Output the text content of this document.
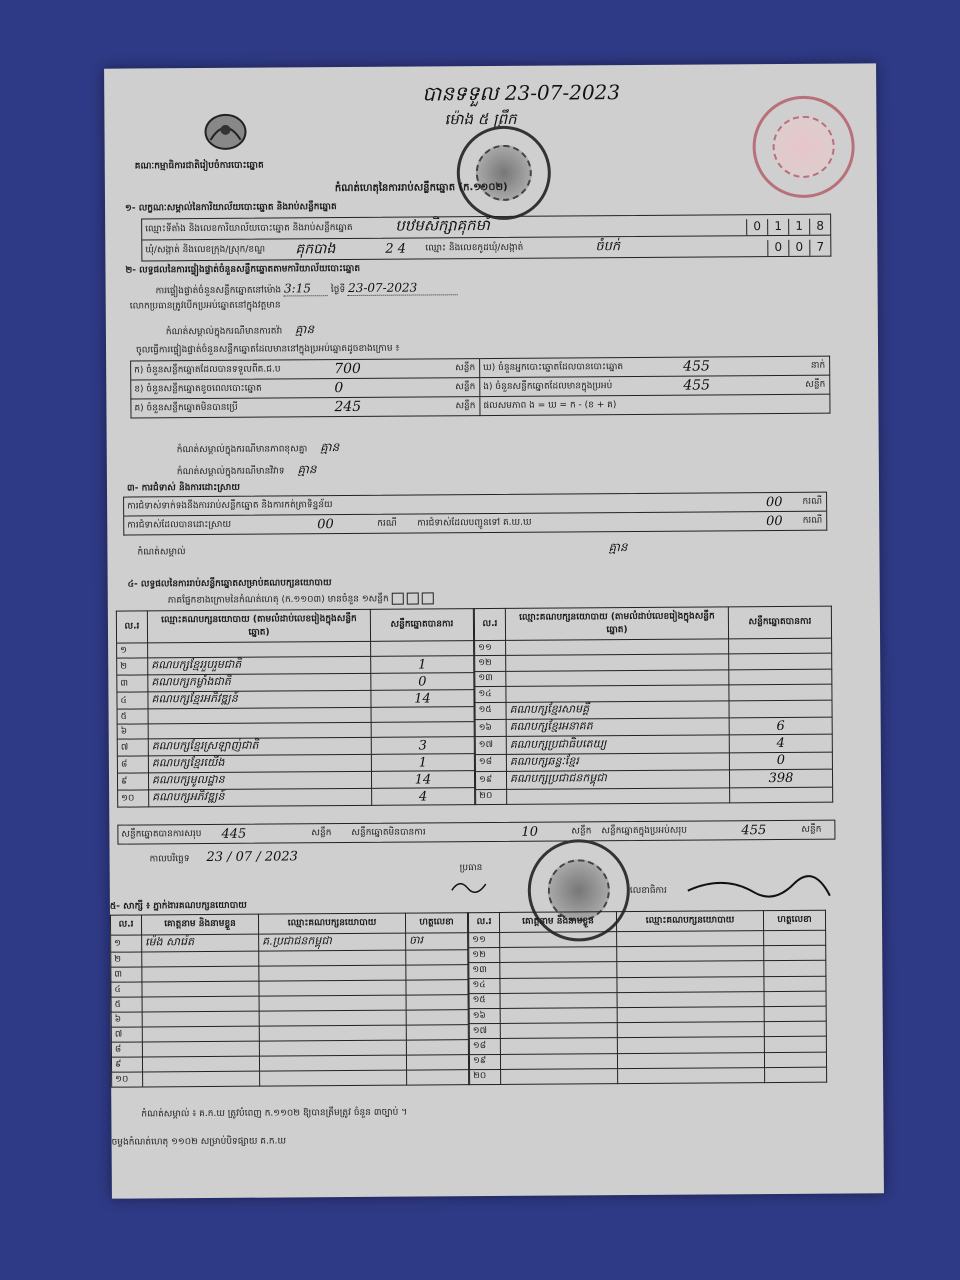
បានទទួល 23-07-2023
ម៉ោង ៥ ព្រឹក
គណៈកម្មាធិការជាតិរៀបចំការបោះឆ្នោត
កំណត់ហេតុនៃការរាប់សន្លឹកឆ្នោត (ក.១១០២)
១- លក្ខណៈសម្គាល់នៃការិយាល័យបោះឆ្នោត និងរាប់សន្លឹកឆ្នោត
ឈ្មោះទីតាំង និងលេខការិយាល័យបោះឆ្នោត និងរាប់សន្លឹកឆ្នោត	បឋមសិក្សាគុកមាំ	0 1 1 8
ឃុំ/សង្កាត់ និងលេខក្រុង/ស្រុក/ខណ្ឌ	គុកបាង	2 4	ឈ្មោះ និងលេខកូដឃុំ/សង្កាត់	ចំបក់	0 0 7
២- លទ្ធផលនៃការផ្ទៀងផ្ទាត់ចំនួនសន្លឹកឆ្នោតតាមការិយាល័យបោះឆ្នោត
ការផ្ទៀងផ្ទាត់ចំនួនសន្លឹកឆ្នោតនៅម៉ោង 3:15 ថ្ងៃទី 23-07-2023
លោកប្រធានត្រូវបើកប្រអប់ឆ្នោតនៅក្នុងវត្តមាន
កំណត់សម្គាល់ក្នុងករណីមានការតវ៉ា គ្មាន
ចូលធ្វើការផ្ទៀងផ្ទាត់ចំនួនសន្លឹកឆ្នោតដែលមាននៅក្នុងប្រអប់ឆ្នោតដូចខាងក្រោម ៖
ក) ចំនួនសន្លឹកឆ្នោតដែលបានទទួលពីគ.ជ.ប	700	សន្លឹក
ខ) ចំនួនសន្លឹកឆ្នោតខូចពេលបោះឆ្នោត	0	សន្លឹក
គ) ចំនួនសន្លឹកឆ្នោតមិនបានប្រើ	245	សន្លឹក
ឃ) ចំនួនអ្នកបោះឆ្នោតដែលបានបោះឆ្នោត	455	នាក់
ង) ចំនួនសន្លឹកឆ្នោតដែលមានក្នុងប្រអប់	455	សន្លឹក
ផលសមភាព ង = ឃ = ក - (ខ + គ)
កំណត់សម្គាល់ក្នុងករណីមានភាពខុសគ្នា គ្មាន
កំណត់សម្គាល់ក្នុងករណីមានវិវាទ គ្មាន
៣- ការជំទាស់ និងការដោះស្រាយ
ការជំទាស់ទាក់ទងនឹងការរាប់សន្លឹកឆ្នោត និងការកត់ត្រាទិន្នន័យ	00	ករណី
ការជំទាស់ដែលបានដោះស្រាយ	00	ករណី	ការជំទាស់ដែលបញ្ជូនទៅ គ.ឃ.ឃ	00	ករណី
កំណត់សម្គាល់	គ្មាន
៤- លទ្ធផលនៃការរាប់សន្លឹកឆ្នោតសម្រាប់គណបក្សនយោបាយ
ភាគផ្នែកខាងក្រោមនៃកំណត់ហេតុ (ក.១១០៣) មានចំនួន ១សន្លឹក
ល.រ	ឈ្មោះគណបក្សនយោបាយ (តាមលំដាប់លេខរៀងក្នុងសន្លឹកឆ្នោត)	សន្លឹកឆ្នោតបានការ
១		
២	គណបក្សខ្មែររួបរួមជាតិ	1
៣	គណបក្សកម្លាំងជាតិ	0
៤	គណបក្សខ្មែរអភិវឌ្ឍន៍	14
៥		
៦		
៧	គណបក្សខ្មែរស្រឡាញ់ជាតិ	3
៨	គណបក្សខ្មែរយើង	1
៩	គណបក្សមូលដ្ឋាន	14
១០	គណបក្សអភិវឌ្ឍន៍	4
ល.រ	ឈ្មោះគណបក្សនយោបាយ (តាមលំដាប់លេខរៀងក្នុងសន្លឹកឆ្នោត)	សន្លឹកឆ្នោតបានការ
១១		
១២		
១៣		
១៤		
១៥	គណបក្សខ្មែរសាមគ្គី	
១៦	គណបក្សខ្មែរអនាគត	6
១៧	គណបក្សប្រជាធិបតេយ្យ	4
១៨	គណបក្សឆន្ទៈខ្មែរ	0
១៩	គណបក្សប្រជាជនកម្ពុជា	398
២០		
សន្លឹកឆ្នោតបានការសរុប	445	សន្លឹក	សន្លឹកឆ្នោតមិនបានការ	10	សន្លឹក	សន្លឹកឆ្នោតក្នុងប្រអប់សរុប	455	សន្លឹក
កាលបរិច្ឆេទ 23 / 07 / 2023
ប្រធាន
លេខាធិការ
៥- សាក្សី ៖ ភ្នាក់ងារគណបក្សនយោបាយ
ល.រ	គោត្តនាម និងនាមខ្លួន	ឈ្មោះគណបក្សនយោបាយ	ហត្ថលេខា
១	ម៉េង សារ៉េត	គ.ប្រជាជនកម្ពុជា	ចារ
២			
៣			
៤			
៥			
៦			
៧			
៨			
៩			
១០			
ល.រ	គោត្តនាម និងនាមខ្លួន	ឈ្មោះគណបក្សនយោបាយ	ហត្ថលេខា
១១			
១២			
១៣			
១៤			
១៥			
១៦			
១៧			
១៨			
១៩			
២០			
កំណត់សម្គាល់ ៖ គ.ក.ឃ ត្រូវបំពេញ ក.១១០២ ឱ្យបានត្រឹមត្រូវ ចំនួន ៣ច្បាប់ ។
ចម្លងកំណត់ហេតុ ១១០២ សម្រាប់បិទផ្សាយ គ.ក.ឃ
